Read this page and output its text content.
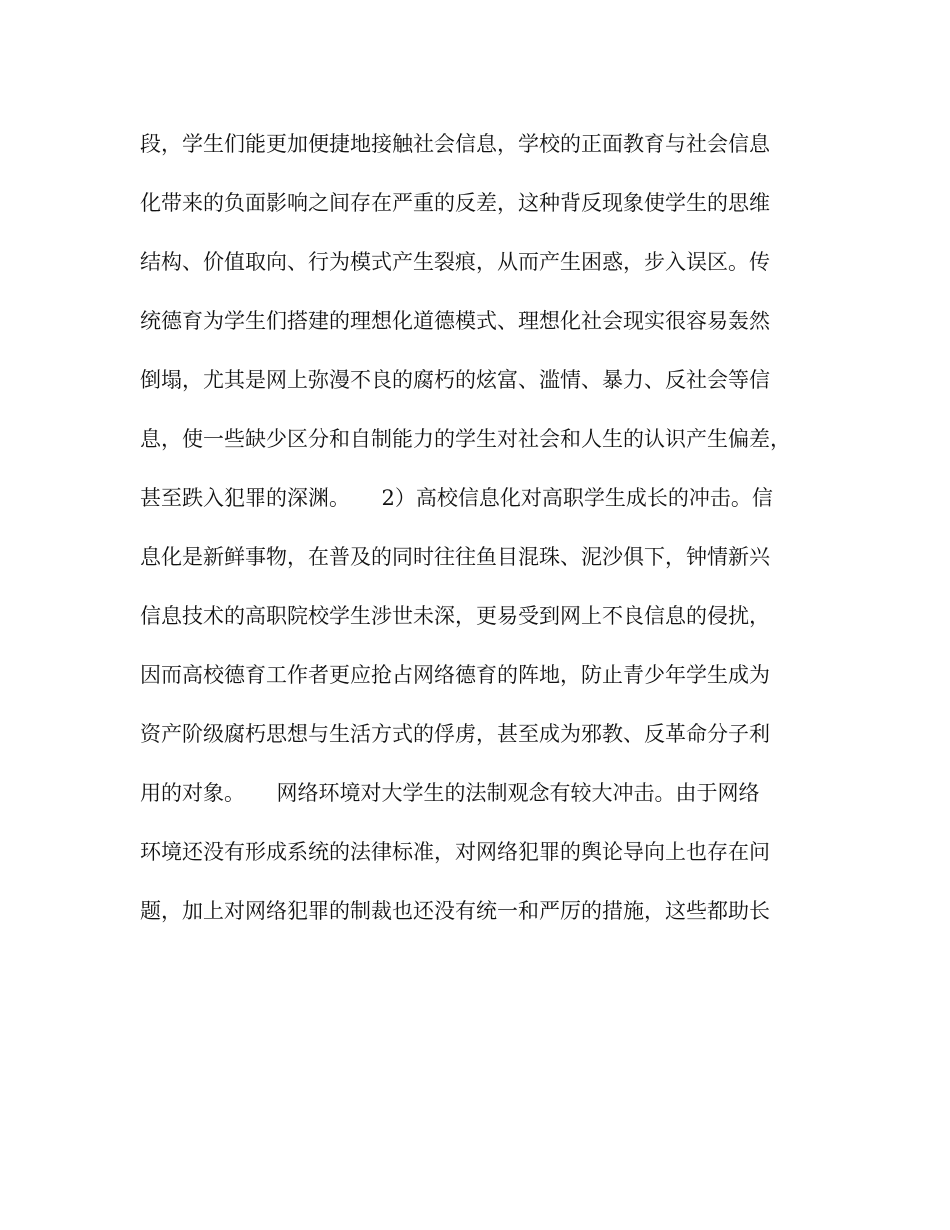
段，学生们能更加便捷地接触社会信息，学校的正面教育与社会信息
化带来的负面影响之间存在严重的反差，这种背反现象使学生的思维
结构、价值取向、行为模式产生裂痕，从而产生困惑，步入误区。传
统德育为学生们搭建的理想化道德模式、理想化社会现实很容易轰然
倒塌，尤其是网上弥漫不良的腐朽的炫富、滥情、暴力、反社会等信
息，使一些缺少区分和自制能力的学生对社会和人生的认识产生偏差，
甚至跌入犯罪的深渊。　　2）高校信息化对高职学生成长的冲击。信
息化是新鲜事物，在普及的同时往往鱼目混珠、泥沙俱下，钟情新兴
信息技术的高职院校学生涉世未深，更易受到网上不良信息的侵扰，
因而高校德育工作者更应抢占网络德育的阵地，防止青少年学生成为
资产阶级腐朽思想与生活方式的俘虏，甚至成为邪教、反革命分子利
用的对象。　　网络环境对大学生的法制观念有较大冲击。由于网络
环境还没有形成系统的法律标准，对网络犯罪的舆论导向上也存在问
题，加上对网络犯罪的制裁也还没有统一和严厉的措施，这些都助长
